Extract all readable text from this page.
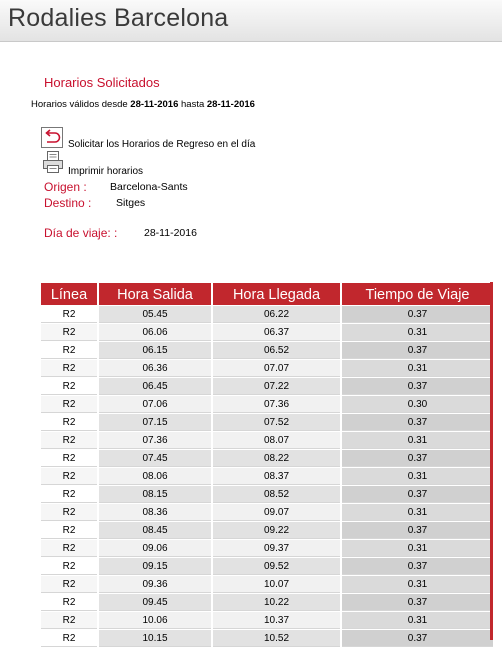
Rodalies Barcelona
Horarios Solicitados
Horarios válidos desde 28-11-2016 hasta 28-11-2016
Solicitar los Horarios de Regreso en el día
Imprimir horarios
Origen : Barcelona-Sants
Destino : Sitges
Día de viaje: :	28-11-2016
Línea	Hora Salida	Hora Llegada	Tiempo de Viaje
R2	05.45	06.22	0.37
R2	06.06	06.37	0.31
R2	06.15	06.52	0.37
R2	06.36	07.07	0.31
R2	06.45	07.22	0.37
R2	07.06	07.36	0.30
R2	07.15	07.52	0.37
R2	07.36	08.07	0.31
R2	07.45	08.22	0.37
R2	08.06	08.37	0.31
R2	08.15	08.52	0.37
R2	08.36	09.07	0.31
R2	08.45	09.22	0.37
R2	09.06	09.37	0.31
R2	09.15	09.52	0.37
R2	09.36	10.07	0.31
R2	09.45	10.22	0.37
R2	10.06	10.37	0.31
R2	10.15	10.52	0.37
